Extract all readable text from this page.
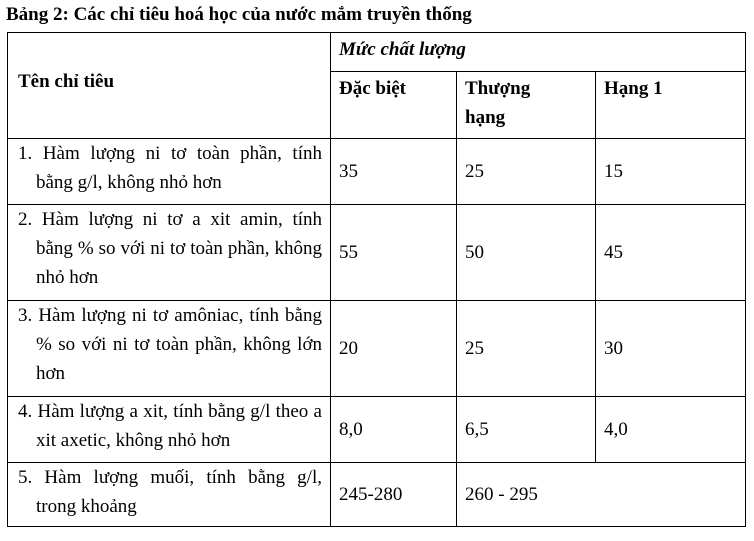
Bảng 2: Các chỉ tiêu hoá học của nước mắm truyền thống
Tên chỉ tiêu	Mức chất lượng		
	Đặc biệt	Thượng hạng	Hạng 1

1. Hàm lượng ni tơ toàn phần, tính bằng g/l, không nhỏ hơn	35	25	15

2. Hàm lượng ni tơ a xit amin, tính bằng % so với ni tơ toàn phần, không nhỏ hơn	55	50	45

3. Hàm lượng ni tơ amôniac, tính bằng % so với ni tơ toàn phần, không lớn hơn	20	25	30

4. Hàm lượng a xit, tính bằng g/l theo a xit axetic, không nhỏ hơn	8,0	6,5	4,0

5. Hàm lượng muối, tính bằng g/l, trong khoảng	245-280	260 - 295	
